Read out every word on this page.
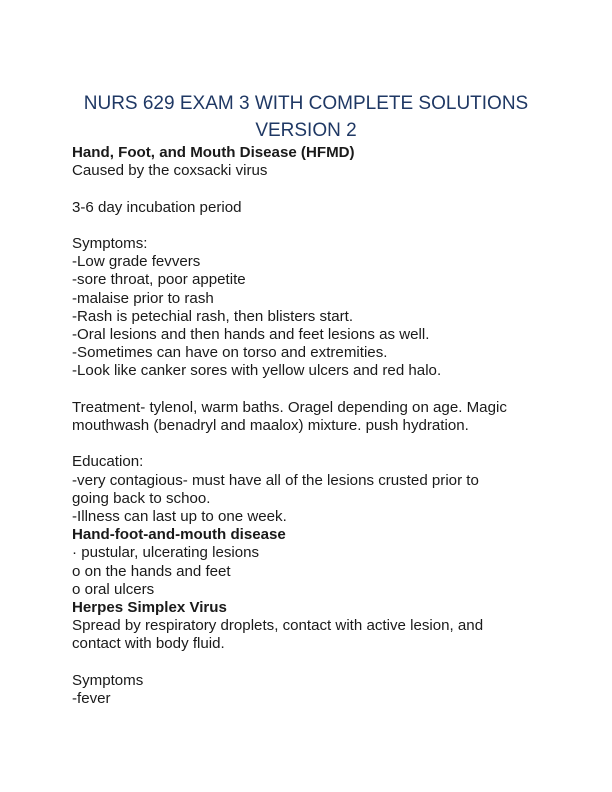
NURS 629 EXAM 3 WITH COMPLETE SOLUTIONS
VERSION 2
Hand, Foot, and Mouth Disease (HFMD)
Caused by the coxsacki virus
3-6 day incubation period
Symptoms:
-Low grade fevvers
-sore throat, poor appetite
-malaise prior to rash
-Rash is petechial rash, then blisters start.
-Oral lesions and then hands and feet lesions as well.
-Sometimes can have on torso and extremities.
-Look like canker sores with yellow ulcers and red halo.
Treatment- tylenol, warm baths. Oragel depending on age. Magic
mouthwash (benadryl and maalox) mixture. push hydration.
Education:
-very contagious- must have all of the lesions crusted prior to
going back to schoo.
-Illness can last up to one week.
Hand-foot-and-mouth disease
· pustular, ulcerating lesions
o on the hands and feet
o oral ulcers
Herpes Simplex Virus
Spread by respiratory droplets, contact with active lesion, and
contact with body fluid.
Symptoms
-fever
